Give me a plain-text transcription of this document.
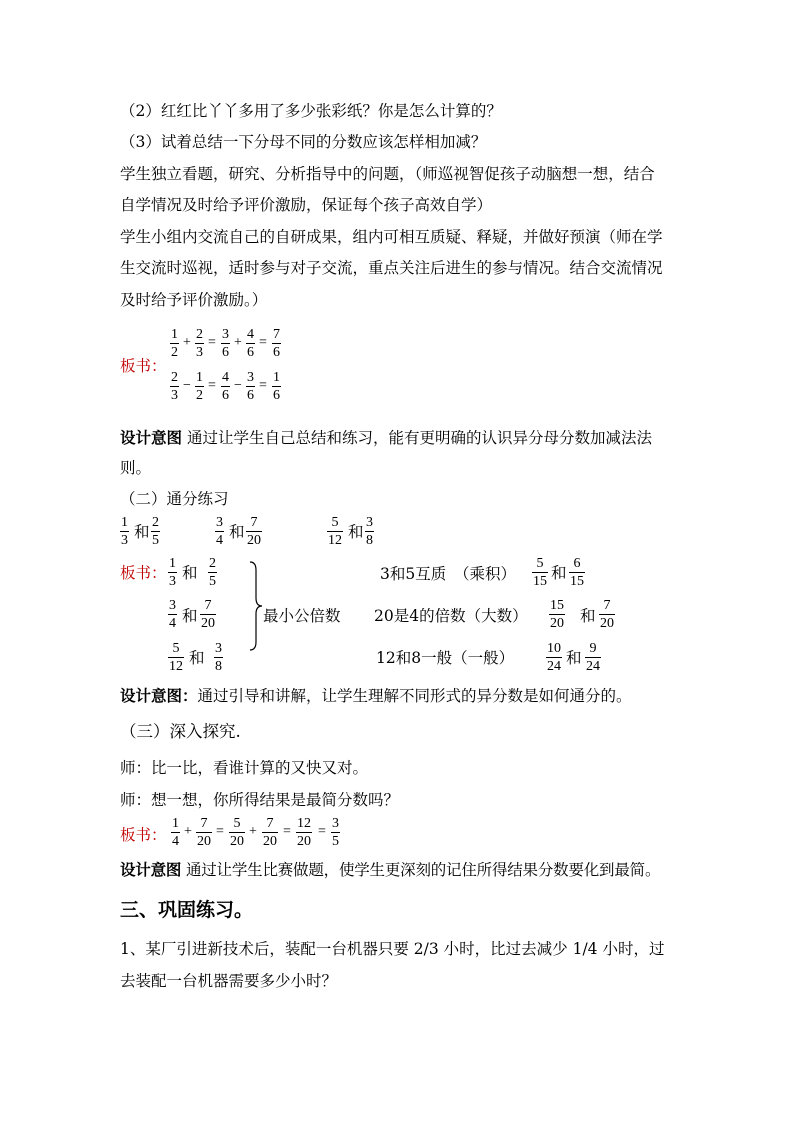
（2）红红比丫丫多用了多少张彩纸？你是怎么计算的？
（3）试着总结一下分母不同的分数应该怎样相加减？
学生独立看题，研究、分析指导中的问题，（师巡视智促孩子动脑想一想，结合
自学情况及时给予评价激励，保证每个孩子高效自学）
学生小组内交流自己的自研成果，组内可相互质疑、释疑，并做好预演（师在学
生交流时巡视，适时参与对子交流，重点关注后进生的参与情况。结合交流情况
及时给予评价激励。）
板书：
1
2
+
2
3
=
3
6
+
4
6
=
7
6
2
3
−
1
2
=
4
6
−
3
6
=
1
6
设计意图 通过让学生自己总结和练习，能有更明确的认识异分母分数加减法法
则。
（二）通分练习
1
3 和
2
5
3
4 和
7
20
5
12 和
3
8
板书：
1
3 和
2
5
3
4 和
7
20
5
12 和
3
8
最小公倍数
3和5互质　（乘积）
20是4的倍数（大数）
12和8一般（一般）
5
15 和
6
15
15
20 和
7
20
10
24 和
9
24
设计意图：通过引导和讲解，让学生理解不同形式的异分数是如何通分的。
（三）深入探究.
师：比一比，看谁计算的又快又对。
师：想一想，你所得结果是最简分数吗？
板书：
1
4
+
7
20
=
5
20
+
7
20
=
12
20
=
3
5
设计意图 通过让学生比赛做题，使学生更深刻的记住所得结果分数要化到最简。
三、巩固练习。
1、某厂引进新技术后，装配一台机器只要 2/3 小时，比过去减少 1/4 小时，过
去装配一台机器需要多少小时？
